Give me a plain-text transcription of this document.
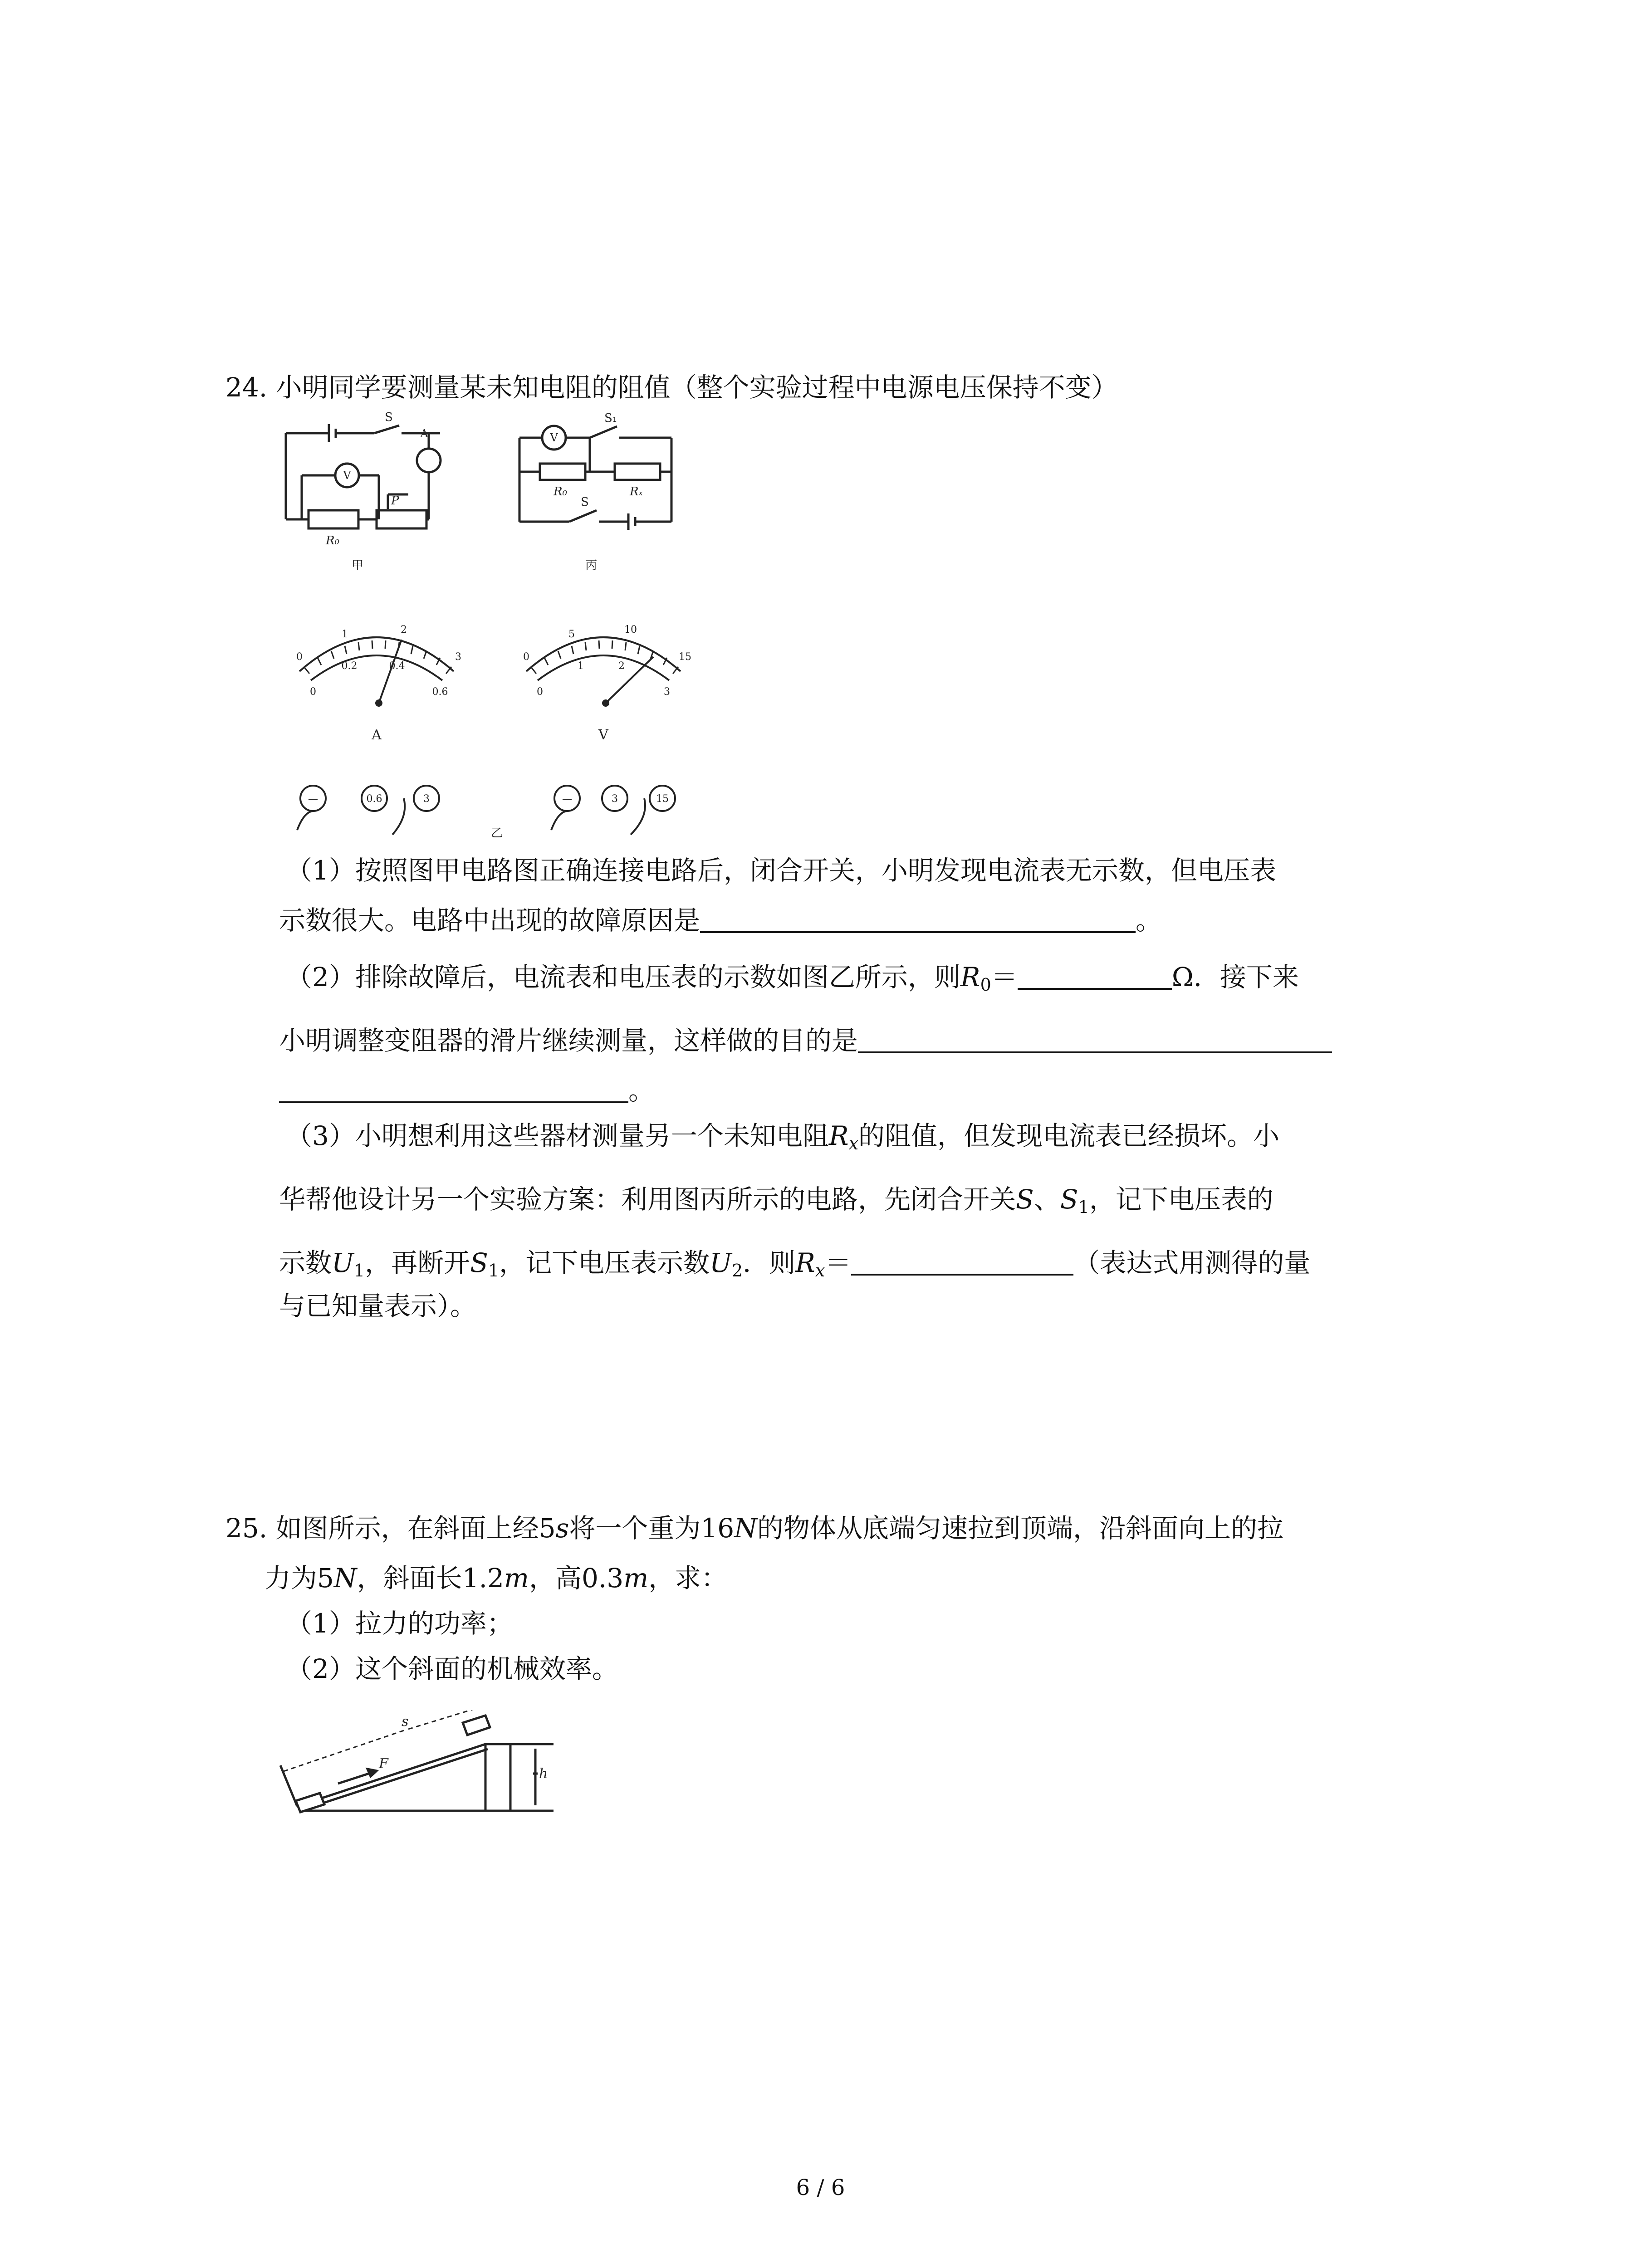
24. 小明同学要测量某未知电阻的阻值（整个实验过程中电源电压保持不变）
S
A
V
P
R₀
甲
V
S₁
R₀	Rₓ
S
丙
0
1	2
3
0
0.2	0.4
0.6
A
—	0.6	3
乙
0
5	10
15
0
1	2
3
V
—	3	15
（1）按照图甲电路图正确连接电路后，闭合开关，小明发现电流表无示数，但电压表
示数很大。电路中出现的故障原因是	。
（2）排除故障后，电流表和电压表的示数如图乙所示，则$R_0=$	Ω．接下来
小明调整变阻器的滑片继续测量，这样做的目的是
。
（3）小明想利用这些器材测量另一个未知电阻$R_x$的阻值，但发现电流表已经损坏。小
华帮他设计另一个实验方案：利用图丙所示的电路，先闭合开关S、$S_1$，记下电压表的
示数$U_1$，再断开$S_1$，记下电压表示数$U_2$．则$R_x=$	（表达式用测得的量
与已知量表示）。
25. 如图所示，在斜面上经5s将一个重为16N的物体从底端匀速拉到顶端，沿斜面向上的拉
力为5N，斜面长1.2m，高0.3m，求：
（1）拉力的功率；
（2）这个斜面的机械效率。
s
F
h
6 / 6
